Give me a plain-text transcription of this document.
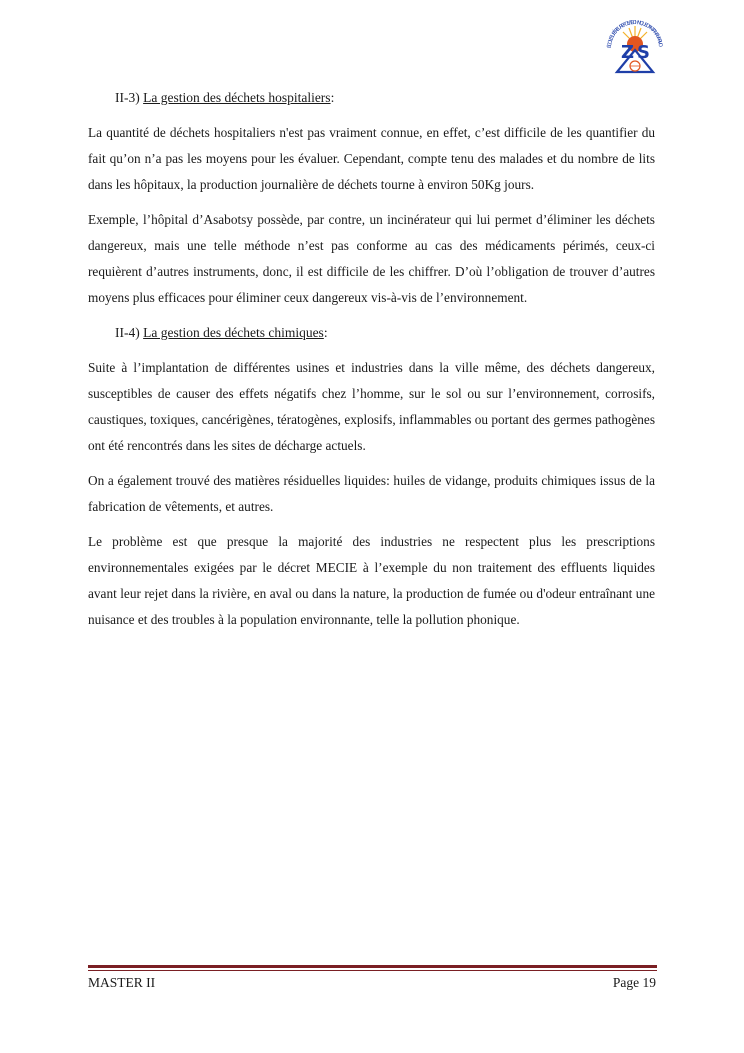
ÉCOLE SUPÉRIEURE POLYTECHNIQUE D'ANTANANARIVO
Z S
II-3) La gestion des déchets hospitaliers:

La quantité de déchets hospitaliers n'est pas vraiment connue, en effet, c’est difficile de les quantifier du fait qu’on n’a pas les moyens pour les évaluer. Cependant, compte tenu des malades et du nombre de lits dans les hôpitaux, la production journalière de déchets tourne à environ 50Kg jours.

Exemple, l’hôpital d’Asabotsy possède, par contre, un incinérateur qui lui permet d’éliminer les déchets dangereux, mais une telle méthode n’est pas conforme au cas des médicaments périmés, ceux-ci requièrent d’autres instruments, donc, il est difficile de les chiffrer. D’où l’obligation de trouver d’autres moyens plus efficaces pour éliminer ceux dangereux vis-à-vis de l’environnement.

II-4) La gestion des déchets chimiques:

Suite à l’implantation de différentes usines et industries dans la ville même, des déchets dangereux, susceptibles de causer des effets négatifs chez l’homme, sur le sol ou sur l’environnement, corrosifs, caustiques, toxiques, cancérigènes, tératogènes, explosifs, inflammables ou portant des germes pathogènes ont été rencontrés dans les sites de décharge actuels.

On a également trouvé des matières résiduelles liquides: huiles de vidange, produits chimiques issus de la fabrication de vêtements, et autres.

Le problème est que presque la majorité des industries ne respectent plus les prescriptions environnementales exigées par le décret MECIE à l’exemple du non traitement des effluents liquides avant leur rejet dans la rivière, en aval ou dans la nature, la production de fumée ou d'odeur entraînant une nuisance et des troubles à la population environnante, telle la pollution phonique.

MASTER II	Page 19
